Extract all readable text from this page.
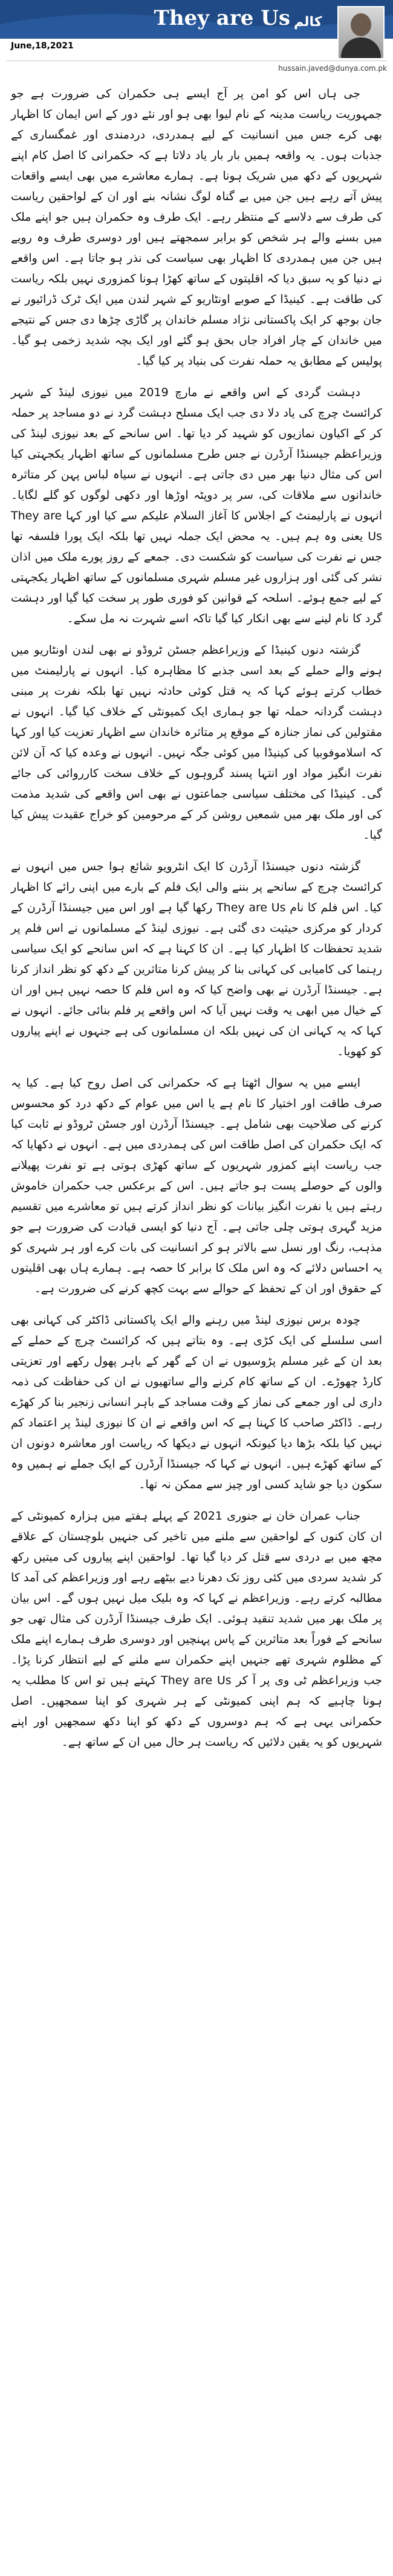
They are Us کالم
June,18,2021
hussain.javed@dunya.com.pk

جی ہاں اس کو امن پر آج ایسے ہی حکمران کی ضرورت ہے جو جمہوریت ریاست مدینہ کے نام لیوا بھی ہو اور نئے دور کے اس ایمان کا اظہار بھی کرے جس میں انسانیت کے لیے ہمدردی، دردمندی اور غمگساری کے جذبات ہوں۔ یہ واقعہ ہمیں بار بار یاد دلاتا ہے کہ حکمرانی کا اصل کام اپنے شہریوں کے دکھ میں شریک ہونا ہے۔ ہمارے معاشرے میں بھی ایسے واقعات پیش آتے رہے ہیں جن میں بے گناہ لوگ نشانہ بنے اور ان کے لواحقین ریاست کی طرف سے دلاسے کے منتظر رہے۔ ایک طرف وہ حکمران ہیں جو اپنے ملک میں بسنے والے ہر شخص کو برابر سمجھتے ہیں اور دوسری طرف وہ رویے ہیں جن میں ہمدردی کا اظہار بھی سیاست کی نذر ہو جاتا ہے۔ اس واقعے نے دنیا کو یہ سبق دیا کہ اقلیتوں کے ساتھ کھڑا ہونا کمزوری نہیں بلکہ ریاست کی طاقت ہے۔ کینیڈا کے صوبے اونٹاریو کے شہر لندن میں ایک ٹرک ڈرائیور نے جان بوجھ کر ایک پاکستانی نژاد مسلم خاندان پر گاڑی چڑھا دی جس کے نتیجے میں خاندان کے چار افراد جاں بحق ہو گئے اور ایک بچہ شدید زخمی ہو گیا۔ پولیس کے مطابق یہ حملہ نفرت کی بنیاد پر کیا گیا۔

دہشت گردی کے اس واقعے نے مارچ 2019 میں نیوزی لینڈ کے شہر کرائسٹ چرچ کی یاد دلا دی جب ایک مسلح دہشت گرد نے دو مساجد پر حملہ کر کے اکیاون نمازیوں کو شہید کر دیا تھا۔ اس سانحے کے بعد نیوزی لینڈ کی وزیراعظم جیسنڈا آرڈرن نے جس طرح مسلمانوں کے ساتھ اظہار یکجہتی کیا اس کی مثال دنیا بھر میں دی جاتی ہے۔ انہوں نے سیاہ لباس پہن کر متاثرہ خاندانوں سے ملاقات کی، سر پر دوپٹہ اوڑھا اور دکھی لوگوں کو گلے لگایا۔ انہوں نے پارلیمنٹ کے اجلاس کا آغاز السلام علیکم سے کیا اور کہا They are Us یعنی وہ ہم ہیں۔ یہ محض ایک جملہ نہیں تھا بلکہ ایک پورا فلسفہ تھا جس نے نفرت کی سیاست کو شکست دی۔ جمعے کے روز پورے ملک میں اذان نشر کی گئی اور ہزاروں غیر مسلم شہری مسلمانوں کے ساتھ اظہار یکجہتی کے لیے جمع ہوئے۔ اسلحہ کے قوانین کو فوری طور پر سخت کیا گیا اور دہشت گرد کا نام لینے سے بھی انکار کیا گیا تاکہ اسے شہرت نہ مل سکے۔

گزشتہ دنوں کینیڈا کے وزیراعظم جسٹن ٹروڈو نے بھی لندن اونٹاریو میں ہونے والے حملے کے بعد اسی جذبے کا مظاہرہ کیا۔ انہوں نے پارلیمنٹ میں خطاب کرتے ہوئے کہا کہ یہ قتل کوئی حادثہ نہیں تھا بلکہ نفرت پر مبنی دہشت گردانہ حملہ تھا جو ہماری ایک کمیونٹی کے خلاف کیا گیا۔ انہوں نے مقتولین کی نماز جنازہ کے موقع پر متاثرہ خاندان سے اظہار تعزیت کیا اور کہا کہ اسلاموفوبیا کی کینیڈا میں کوئی جگہ نہیں۔ انہوں نے وعدہ کیا کہ آن لائن نفرت انگیز مواد اور انتہا پسند گروہوں کے خلاف سخت کارروائی کی جائے گی۔ کینیڈا کی مختلف سیاسی جماعتوں نے بھی اس واقعے کی شدید مذمت کی اور ملک بھر میں شمعیں روشن کر کے مرحومین کو خراج عقیدت پیش کیا گیا۔

گزشتہ دنوں جیسنڈا آرڈرن کا ایک انٹرویو شائع ہوا جس میں انہوں نے کرائسٹ چرچ کے سانحے پر بننے والی ایک فلم کے بارے میں اپنی رائے کا اظہار کیا۔ اس فلم کا نام They are Us رکھا گیا ہے اور اس میں جیسنڈا آرڈرن کے کردار کو مرکزی حیثیت دی گئی ہے۔ نیوزی لینڈ کے مسلمانوں نے اس فلم پر شدید تحفظات کا اظہار کیا ہے۔ ان کا کہنا ہے کہ اس سانحے کو ایک سیاسی رہنما کی کامیابی کی کہانی بنا کر پیش کرنا متاثرین کے دکھ کو نظر انداز کرنا ہے۔ جیسنڈا آرڈرن نے بھی واضح کیا کہ وہ اس فلم کا حصہ نہیں ہیں اور ان کے خیال میں ابھی یہ وقت نہیں آیا کہ اس واقعے پر فلم بنائی جائے۔ انہوں نے کہا کہ یہ کہانی ان کی نہیں بلکہ ان مسلمانوں کی ہے جنہوں نے اپنے پیاروں کو کھویا۔

ایسے میں یہ سوال اٹھتا ہے کہ حکمرانی کی اصل روح کیا ہے۔ کیا یہ صرف طاقت اور اختیار کا نام ہے یا اس میں عوام کے دکھ درد کو محسوس کرنے کی صلاحیت بھی شامل ہے۔ جیسنڈا آرڈرن اور جسٹن ٹروڈو نے ثابت کیا کہ ایک حکمران کی اصل طاقت اس کی ہمدردی میں ہے۔ انہوں نے دکھایا کہ جب ریاست اپنے کمزور شہریوں کے ساتھ کھڑی ہوتی ہے تو نفرت پھیلانے والوں کے حوصلے پست ہو جاتے ہیں۔ اس کے برعکس جب حکمران خاموش رہتے ہیں یا نفرت انگیز بیانات کو نظر انداز کرتے ہیں تو معاشرے میں تقسیم مزید گہری ہوتی چلی جاتی ہے۔ آج دنیا کو ایسی قیادت کی ضرورت ہے جو مذہب، رنگ اور نسل سے بالاتر ہو کر انسانیت کی بات کرے اور ہر شہری کو یہ احساس دلائے کہ وہ اس ملک کا برابر کا حصہ ہے۔ ہمارے ہاں بھی اقلیتوں کے حقوق اور ان کے تحفظ کے حوالے سے بہت کچھ کرنے کی ضرورت ہے۔

چودہ برس نیوزی لینڈ میں رہنے والے ایک پاکستانی ڈاکٹر کی کہانی بھی اسی سلسلے کی ایک کڑی ہے۔ وہ بتاتے ہیں کہ کرائسٹ چرچ کے حملے کے بعد ان کے غیر مسلم پڑوسیوں نے ان کے گھر کے باہر پھول رکھے اور تعزیتی کارڈ چھوڑے۔ ان کے ساتھ کام کرنے والے ساتھیوں نے ان کی حفاظت کی ذمہ داری لی اور جمعے کی نماز کے وقت مساجد کے باہر انسانی زنجیر بنا کر کھڑے رہے۔ ڈاکٹر صاحب کا کہنا ہے کہ اس واقعے نے ان کا نیوزی لینڈ پر اعتماد کم نہیں کیا بلکہ بڑھا دیا کیونکہ انہوں نے دیکھا کہ ریاست اور معاشرہ دونوں ان کے ساتھ کھڑے ہیں۔ انہوں نے کہا کہ جیسنڈا آرڈرن کے ایک جملے نے ہمیں وہ سکون دیا جو شاید کسی اور چیز سے ممکن نہ تھا۔

جناب عمران خان نے جنوری 2021 کے پہلے ہفتے میں ہزارہ کمیونٹی کے ان کان کنوں کے لواحقین سے ملنے میں تاخیر کی جنہیں بلوچستان کے علاقے مچھ میں بے دردی سے قتل کر دیا گیا تھا۔ لواحقین اپنے پیاروں کی میتیں رکھ کر شدید سردی میں کئی روز تک دھرنا دیے بیٹھے رہے اور وزیراعظم کی آمد کا مطالبہ کرتے رہے۔ وزیراعظم نے کہا کہ وہ بلیک میل نہیں ہوں گے۔ اس بیان پر ملک بھر میں شدید تنقید ہوئی۔ ایک طرف جیسنڈا آرڈرن کی مثال تھی جو سانحے کے فوراً بعد متاثرین کے پاس پہنچیں اور دوسری طرف ہمارے اپنے ملک کے مظلوم شہری تھے جنہیں اپنے حکمران سے ملنے کے لیے انتظار کرنا پڑا۔ جب وزیراعظم ٹی وی پر آ کر They are Us کہتے ہیں تو اس کا مطلب یہ ہونا چاہیے کہ ہم اپنی کمیونٹی کے ہر شہری کو اپنا سمجھیں۔ اصل حکمرانی یہی ہے کہ ہم دوسروں کے دکھ کو اپنا دکھ سمجھیں اور اپنے شہریوں کو یہ یقین دلائیں کہ ریاست ہر حال میں ان کے ساتھ ہے۔
